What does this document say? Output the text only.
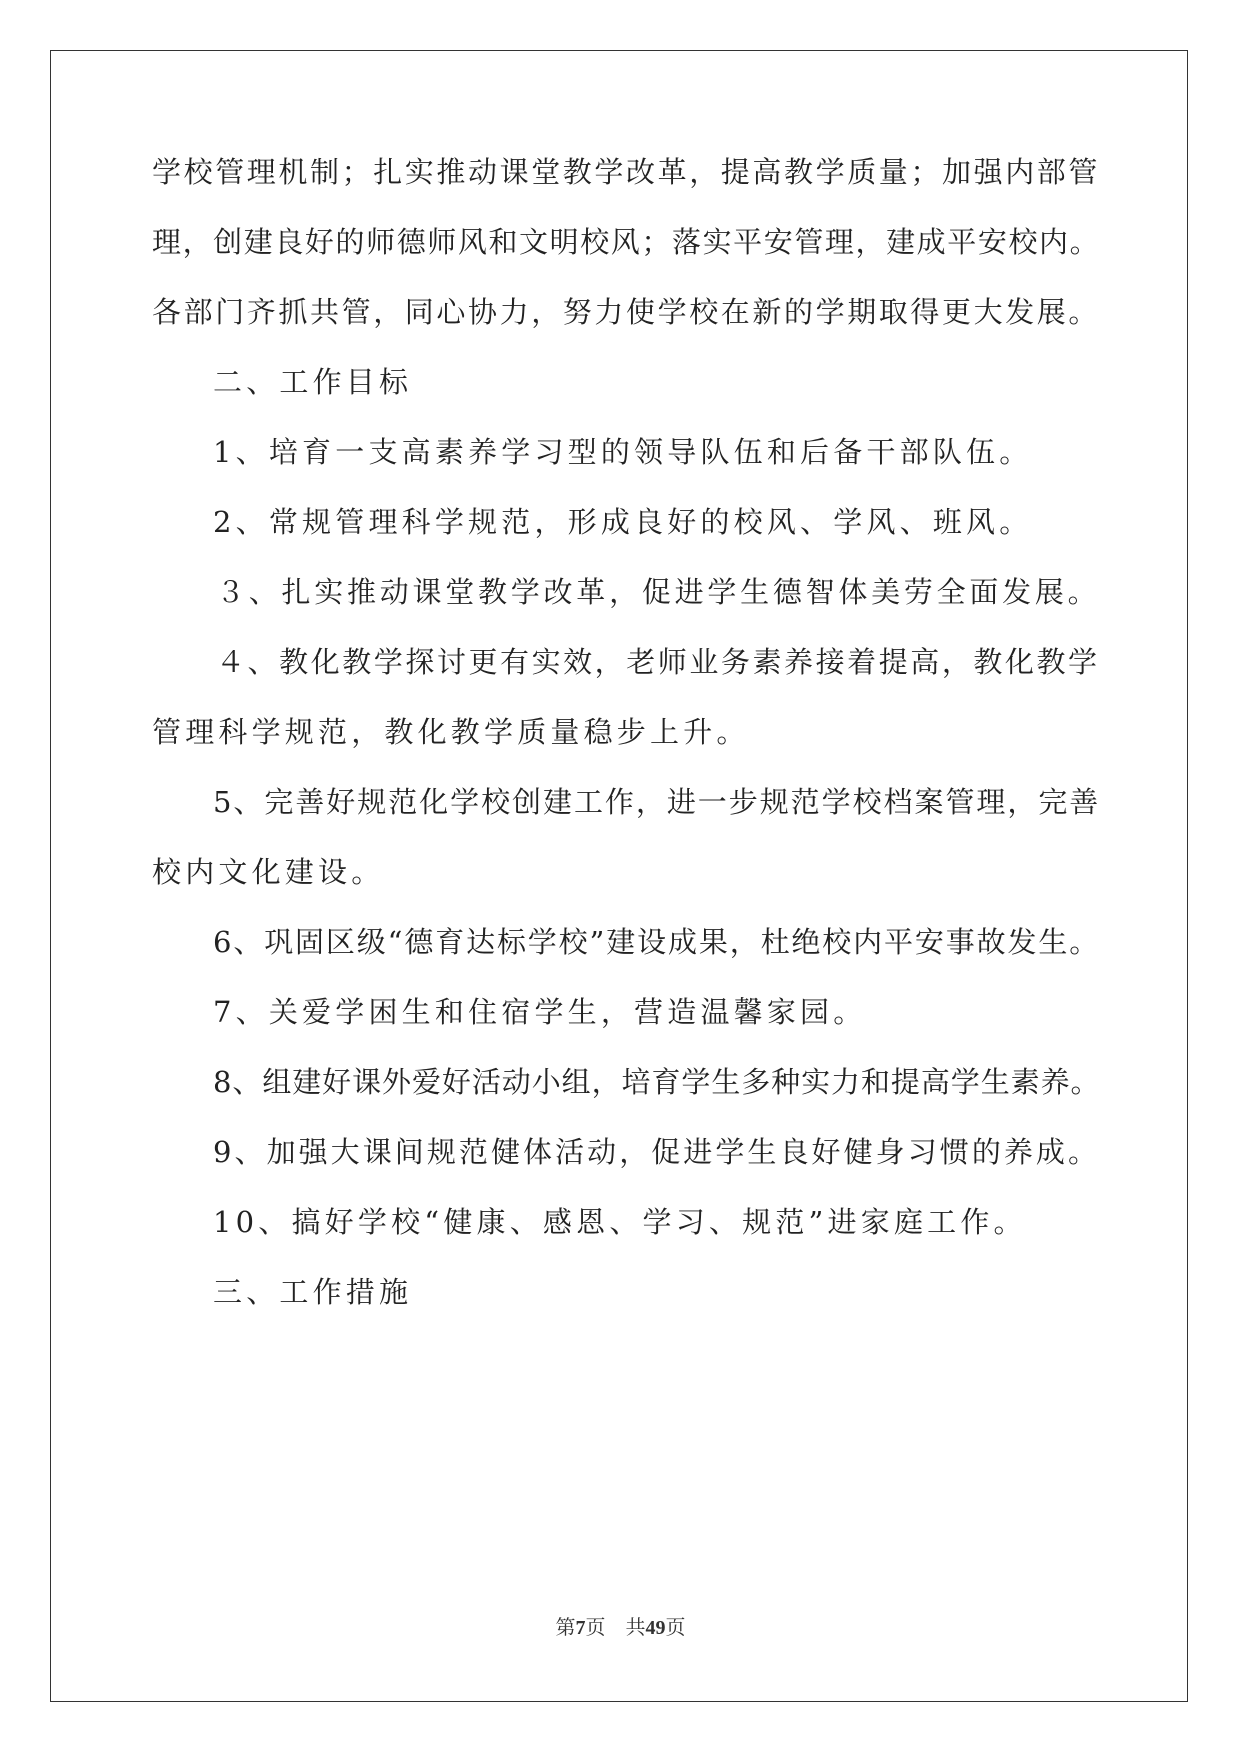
学校管理机制；扎实推动课堂教学改革，提高教学质量；加强内部管
理，创建良好的师德师风和文明校风；落实平安管理，建成平安校内。
各部门齐抓共管，同心协力，努力使学校在新的学期取得更大发展。
二、工作目标
1、培育一支高素养学习型的领导队伍和后备干部队伍。
2、常规管理科学规范，形成良好的校风、学风、班风。
３、扎实推动课堂教学改革，促进学生德智体美劳全面发展。
４、教化教学探讨更有实效，老师业务素养接着提高，教化教学
管理科学规范，教化教学质量稳步上升。
5、完善好规范化学校创建工作，进一步规范学校档案管理，完善
校内文化建设。
6、巩固区级“德育达标学校”建设成果，杜绝校内平安事故发生。
7、关爱学困生和住宿学生，营造温馨家园。
8、组建好课外爱好活动小组，培育学生多种实力和提高学生素养。
9、加强大课间规范健体活动，促进学生良好健身习惯的养成。
10、搞好学校“健康、感恩、学习、规范”进家庭工作。
三、工作措施
第7页 共49页
